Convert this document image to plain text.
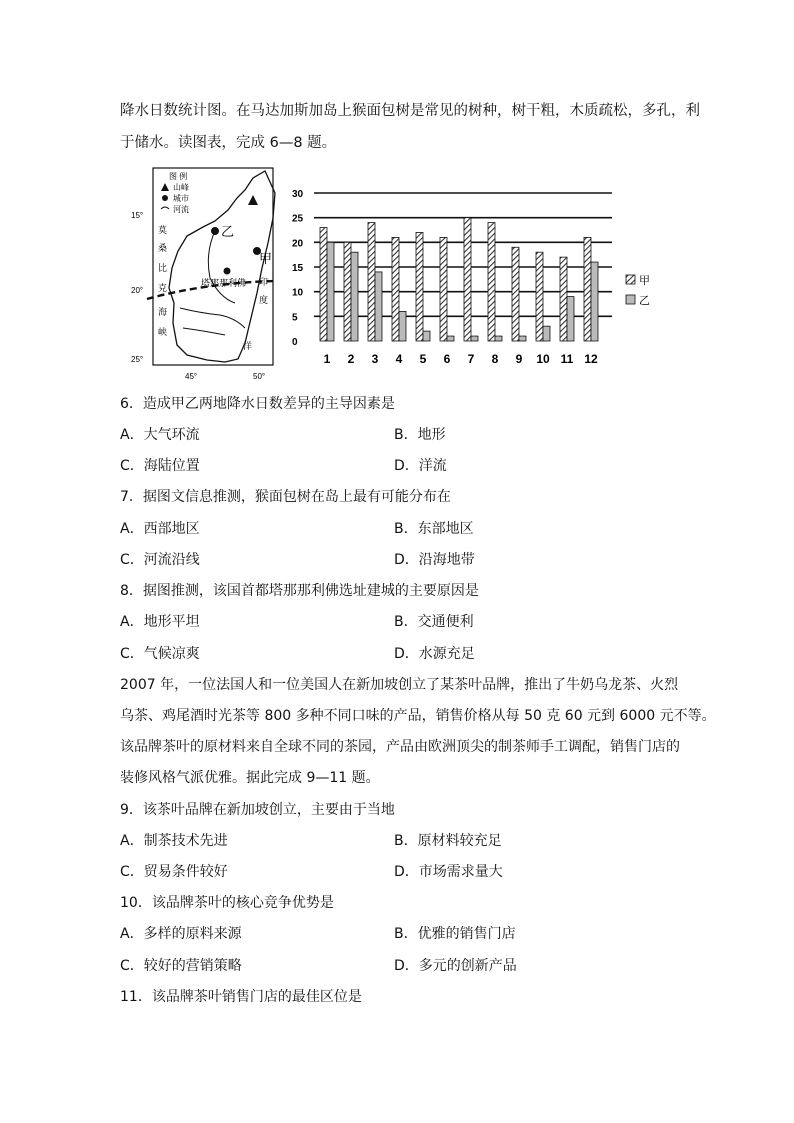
降水日数统计图。在马达加斯加岛上猴面包树是常见的树种，树干粗，木质疏松，多孔，利
于储水。读图表，完成 6—8 题。
图 例
山峰
城市
河流
乙
甲
塔那那利佛
莫
桑
比
克
海
峡
印
度
洋
15°
20°
25°
45°	50°
0
5
10
15
20
25
30
1 2 3 4 5 6 7 8 9 10 11 12
甲
乙
6．造成甲乙两地降水日数差异的主导因素是
A．大气环流	B．地形
C．海陆位置	D．洋流
7．据图文信息推测，猴面包树在岛上最有可能分布在
A．西部地区	B．东部地区
C．河流沿线	D．沿海地带
8．据图推测，该国首都塔那那利佛选址建城的主要原因是
A．地形平坦	B．交通便利
C．气候凉爽	D．水源充足
2007 年，一位法国人和一位美国人在新加坡创立了某茶叶品牌，推出了牛奶乌龙茶、火烈
乌茶、鸡尾酒时光茶等 800 多种不同口味的产品，销售价格从每 50 克 60 元到 6000 元不等。
该品牌茶叶的原材料来自全球不同的茶园，产品由欧洲顶尖的制茶师手工调配，销售门店的
装修风格气派优雅。据此完成 9—11 题。
9．该茶叶品牌在新加坡创立，主要由于当地
A．制茶技术先进	B．原材料较充足
C．贸易条件较好	D．市场需求量大
10．该品牌茶叶的核心竞争优势是
A．多样的原料来源	B．优雅的销售门店
C．较好的营销策略	D．多元的创新产品
11．该品牌茶叶销售门店的最佳区位是
